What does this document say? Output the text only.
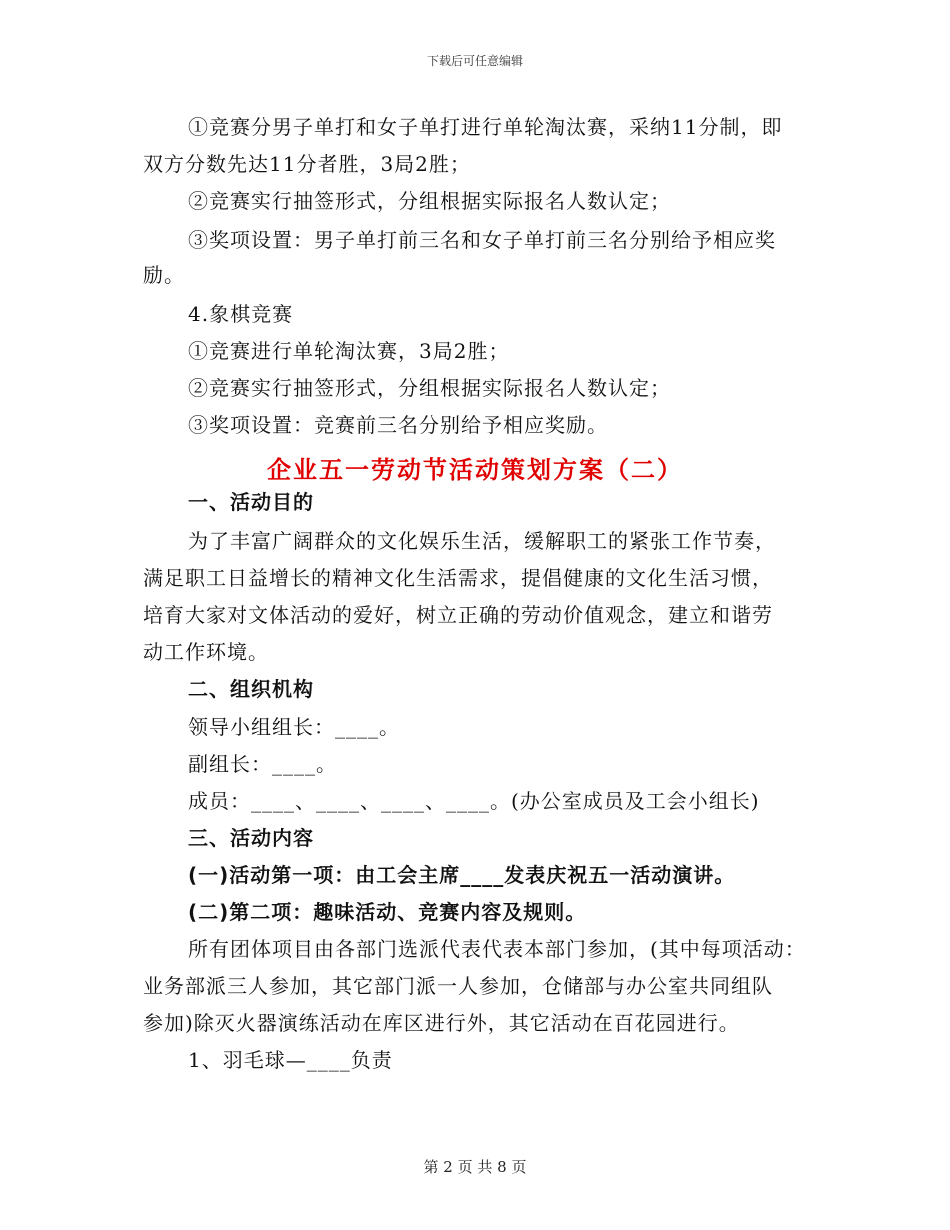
下载后可任意编辑
①竞赛分男子单打和女子单打进行单轮淘汰赛，采纳11分制，即
双方分数先达11分者胜，3局2胜；
②竞赛实行抽签形式，分组根据实际报名人数认定；
③奖项设置：男子单打前三名和女子单打前三名分别给予相应奖
励。
4.象棋竞赛
①竞赛进行单轮淘汰赛，3局2胜；
②竞赛实行抽签形式，分组根据实际报名人数认定；
③奖项设置：竞赛前三名分别给予相应奖励。
企业五一劳动节活动策划方案（二）
一、活动目的
为了丰富广阔群众的文化娱乐生活，缓解职工的紧张工作节奏，
满足职工日益增长的精神文化生活需求，提倡健康的文化生活习惯，
培育大家对文体活动的爱好，树立正确的劳动价值观念，建立和谐劳
动工作环境。
二、组织机构
领导小组组长：____。
副组长：____。
成员：____、____、____、____。(办公室成员及工会小组长)
三、活动内容
(一)活动第一项：由工会主席____发表庆祝五一活动演讲。
(二)第二项：趣味活动、竞赛内容及规则。
所有团体项目由各部门选派代表代表本部门参加，(其中每项活动：
业务部派三人参加，其它部门派一人参加，仓储部与办公室共同组队
参加)除灭火器演练活动在库区进行外，其它活动在百花园进行。
1、羽毛球—____负责
第 2 页 共 8 页
